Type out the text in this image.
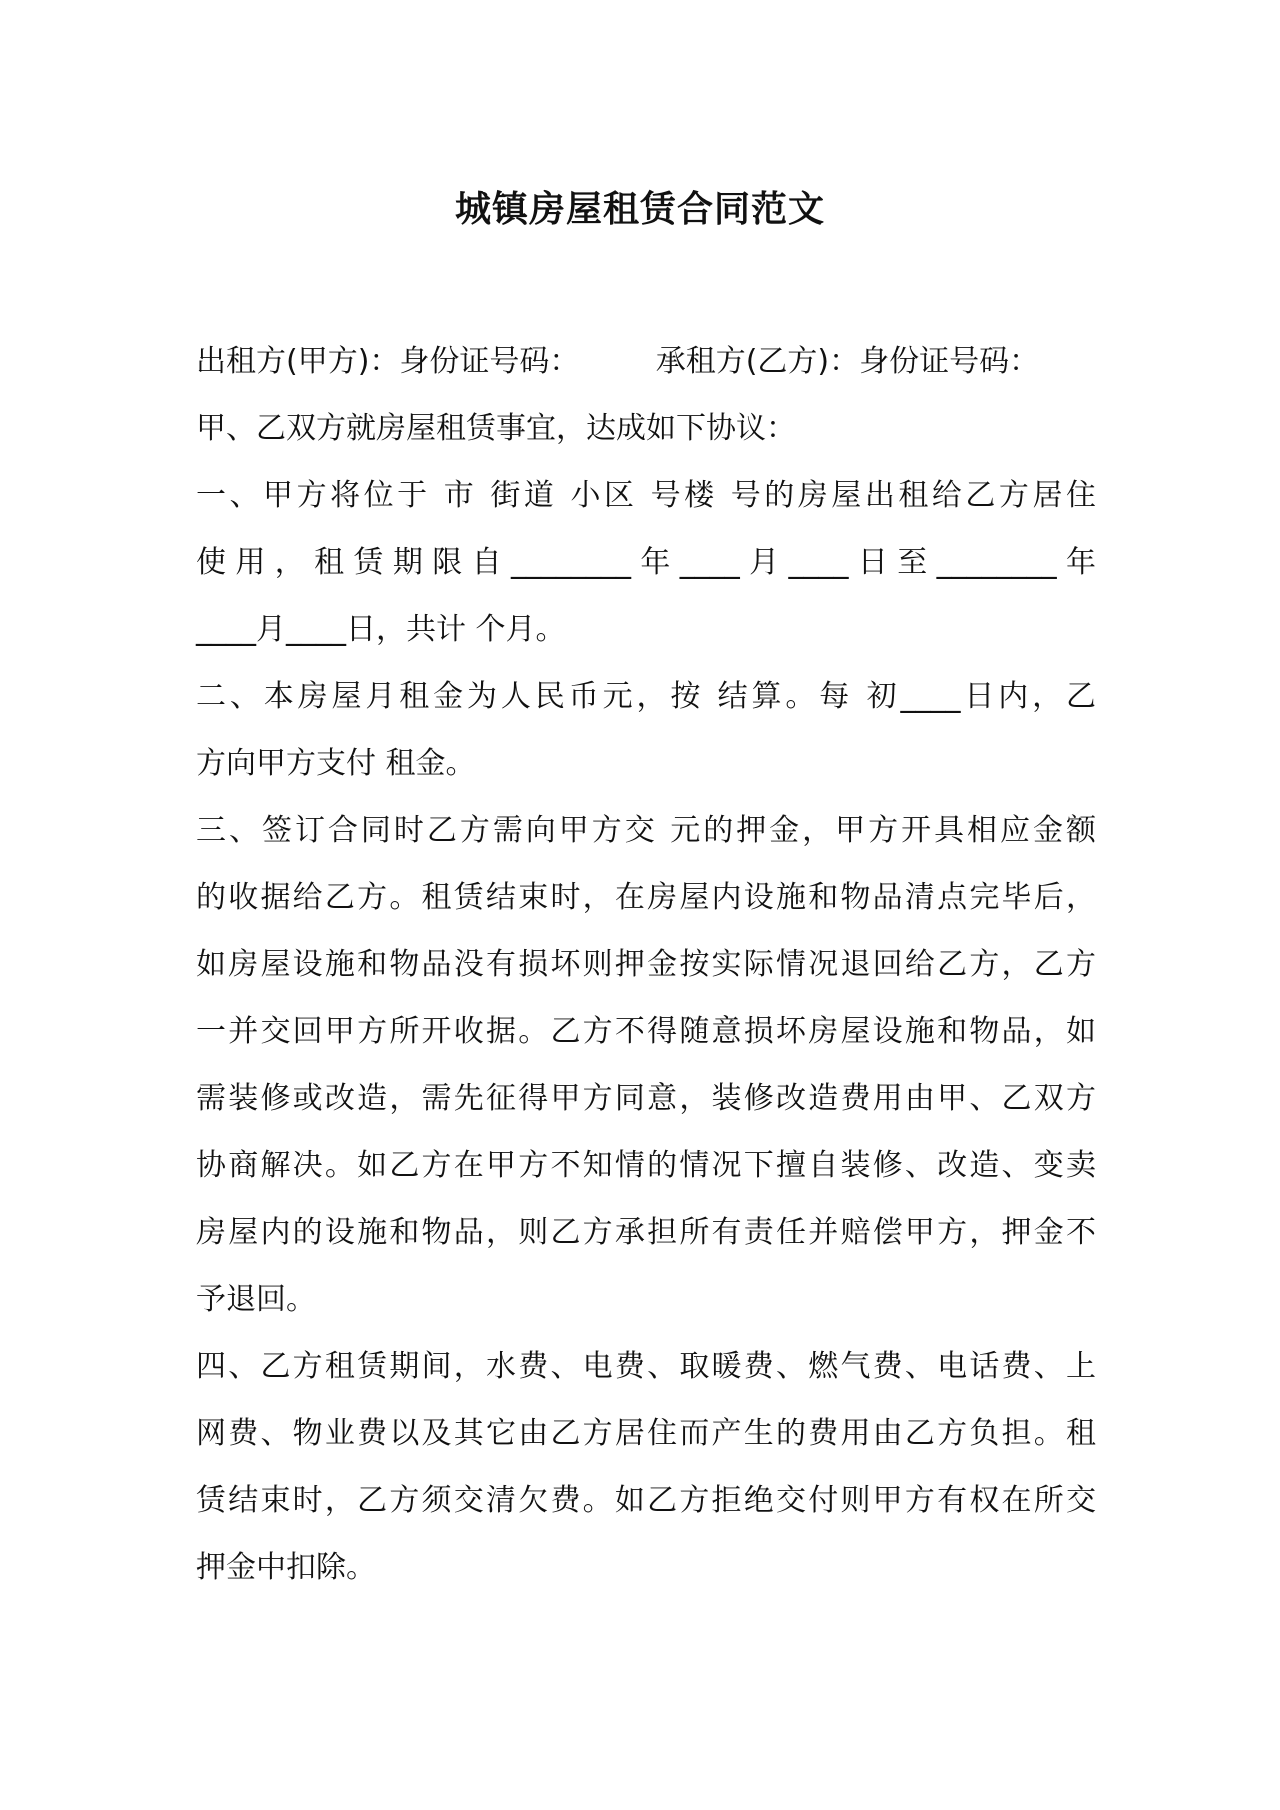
城镇房屋租赁合同范文
出租方(甲方)：身份证号码：        承租方(乙方)：身份证号码：
甲、乙双方就房屋租赁事宜，达成如下协议：
一、甲方将位于 市 街道 小区 号楼 号的房屋出租给乙方居住
使用，租赁期限自________年____月____日至________年
____月____日，共计 个月。
二、本房屋月租金为人民币元，按 结算。每 初____日内，乙
方向甲方支付 租金。
三、签订合同时乙方需向甲方交 元的押金，甲方开具相应金额
的收据给乙方。租赁结束时，在房屋内设施和物品清点完毕后，
如房屋设施和物品没有损坏则押金按实际情况退回给乙方，乙方
一并交回甲方所开收据。乙方不得随意损坏房屋设施和物品，如
需装修或改造，需先征得甲方同意，装修改造费用由甲、乙双方
协商解决。如乙方在甲方不知情的情况下擅自装修、改造、变卖
房屋内的设施和物品，则乙方承担所有责任并赔偿甲方，押金不
予退回。
四、乙方租赁期间，水费、电费、取暖费、燃气费、电话费、上
网费、物业费以及其它由乙方居住而产生的费用由乙方负担。租
赁结束时，乙方须交清欠费。如乙方拒绝交付则甲方有权在所交
押金中扣除。
